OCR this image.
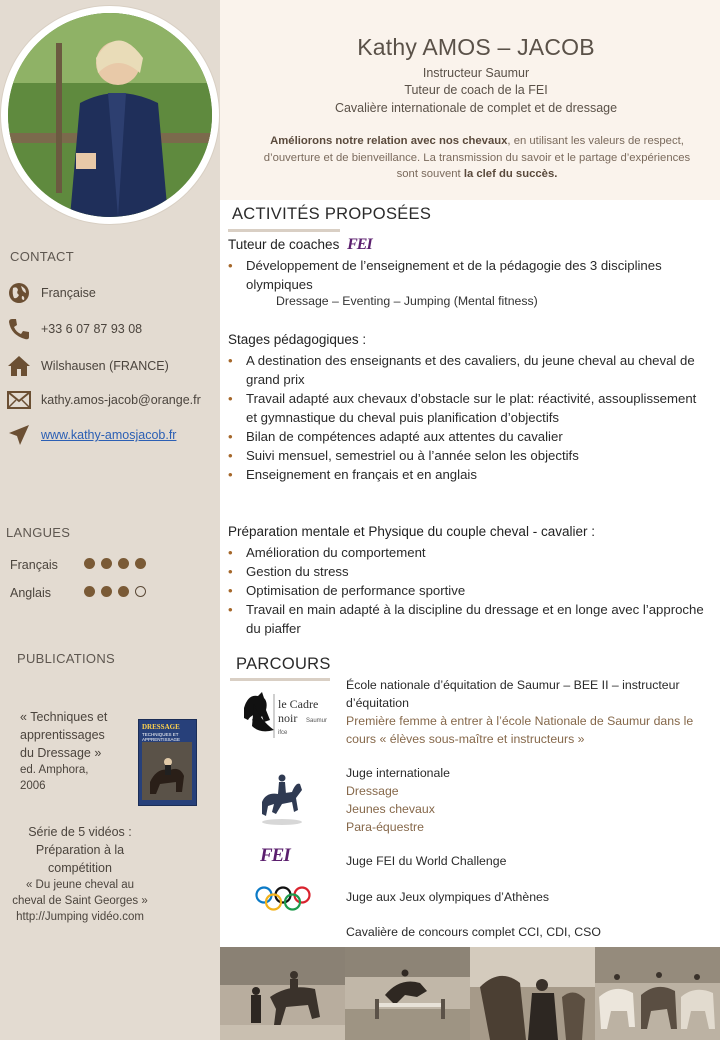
Kathy AMOS – JACOB
Instructeur Saumur
Tuteur de coach de la FEI
Cavalière internationale de complet et de dressage
Améliorons notre relation avec nos chevaux, en utilisant les valeurs de respect, d’ouverture et de bienveillance. La transmission du savoir et le partage d’expériences sont souvent la clef du succès.
CONTACT
Française
+33 6 07 87 93 08
Wilshausen (FRANCE)
kathy.amos-jacob@orange.fr
www.kathy-amosjacob.fr
LANGUES
Français
Anglais
PUBLICATIONS
« Techniques et
apprentissages
du Dressage »
ed. Amphora,
2006
DRESSAGE
TECHNIQUES ET APPRENTISSAGE
Série de 5 vidéos :
Préparation à la
compétition
« Du jeune cheval au
cheval de Saint Georges »
http://Jumping vidéo.com
ACTIVITÉS PROPOSÉES
Tuteur de coaches FEI
• Développement de l’enseignement et de la pédagogie des 3 disciplines olympiques
Dressage – Eventing – Jumping (Mental fitness)
Stages pédagogiques :
• A destination des enseignants et des cavaliers, du jeune cheval au cheval de grand prix
• Travail adapté aux chevaux d’obstacle sur le plat: réactivité, assouplissement et gymnastique du cheval puis planification d’objectifs
• Bilan de compétences adapté aux attentes du cavalier
• Suivi mensuel, semestriel ou à l’année selon les objectifs
• Enseignement en français et en anglais
Préparation mentale et Physique du couple cheval - cavalier :
• Amélioration du comportement
• Gestion du stress
• Optimisation de performance sportive
• Travail en main adapté à la discipline du dressage et en longe avec l’approche du piaffer
PARCOURS
le Cadre
noir Saumur
ifce
École nationale d’équitation de Saumur – BEE II – instructeur d’équitation
Première femme à entrer à l’école Nationale de Saumur dans le cours « élèves sous-maître et instructeurs »
Juge internationale
Dressage
Jeunes chevaux
Para-équestre
FEI	Juge FEI du World Challenge
Juge aux Jeux olympiques d’Athènes
Cavalière de concours complet CCI, CDI, CSO
